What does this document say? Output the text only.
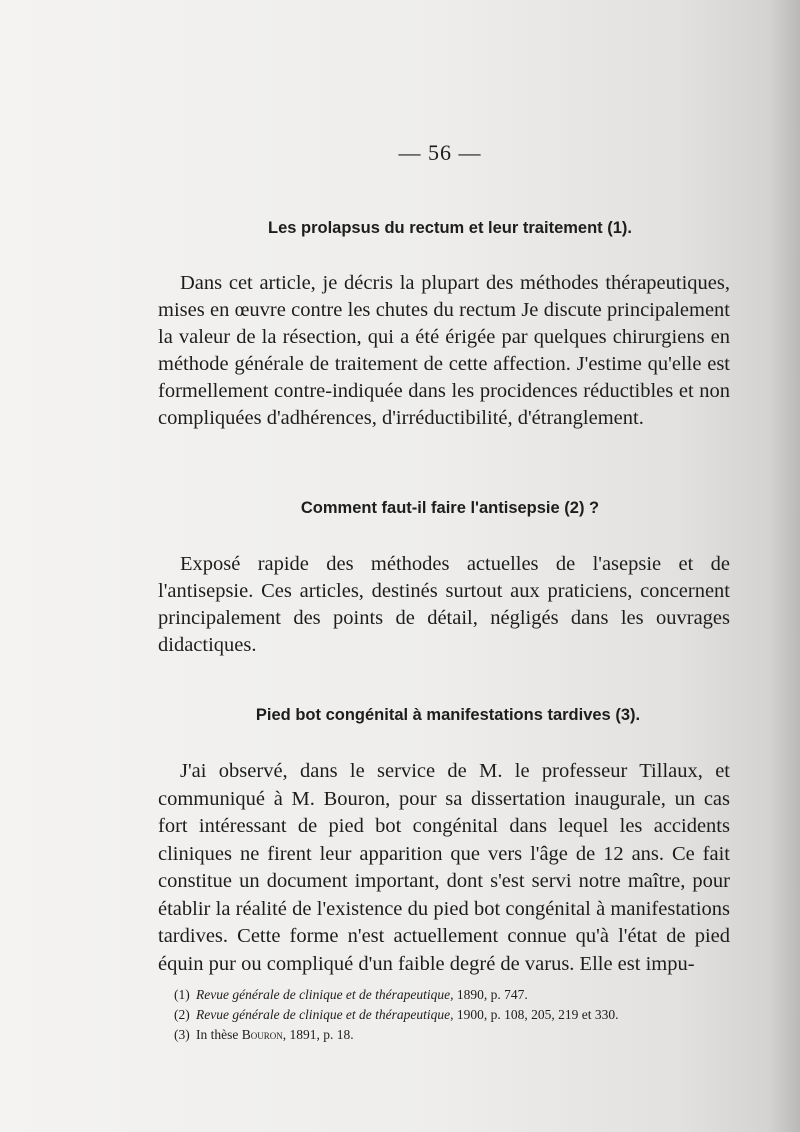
— 56 —
Les prolapsus du rectum et leur traitement (1).

Dans cet article, je décris la plupart des méthodes thérapeutiques, mises en œuvre contre les chutes du rectum Je discute principalement la valeur de la résection, qui a été érigée par quelques chirurgiens en méthode générale de traitement de cette affection. J'estime qu'elle est formellement contre-indiquée dans les procidences réductibles et non compliquées d'adhérences, d'irréductibilité, d'étranglement.

Comment faut-il faire l'antisepsie (2) ?

Exposé rapide des méthodes actuelles de l'asepsie et de l'antisepsie. Ces articles, destinés surtout aux praticiens, concernent principalement des points de détail, négligés dans les ouvrages didactiques.

Pied bot congénital à manifestations tardives (3).

J'ai observé, dans le service de M. le professeur Tillaux, et communiqué à M. Bouron, pour sa dissertation inaugurale, un cas fort intéressant de pied bot congénital dans lequel les accidents cliniques ne firent leur apparition que vers l'âge de 12 ans. Ce fait constitue un document important, dont s'est servi notre maître, pour établir la réalité de l'existence du pied bot congénital à manifestations tardives. Cette forme n'est actuellement connue qu'à l'état de pied équin pur ou compliqué d'un faible degré de varus. Elle est impu-

(1) Revue générale de clinique et de thérapeutique, 1890, p. 747.
(2) Revue générale de clinique et de thérapeutique, 1900, p. 108, 205, 219 et 330.
(3) In thèse Bouron, 1891, p. 18.
